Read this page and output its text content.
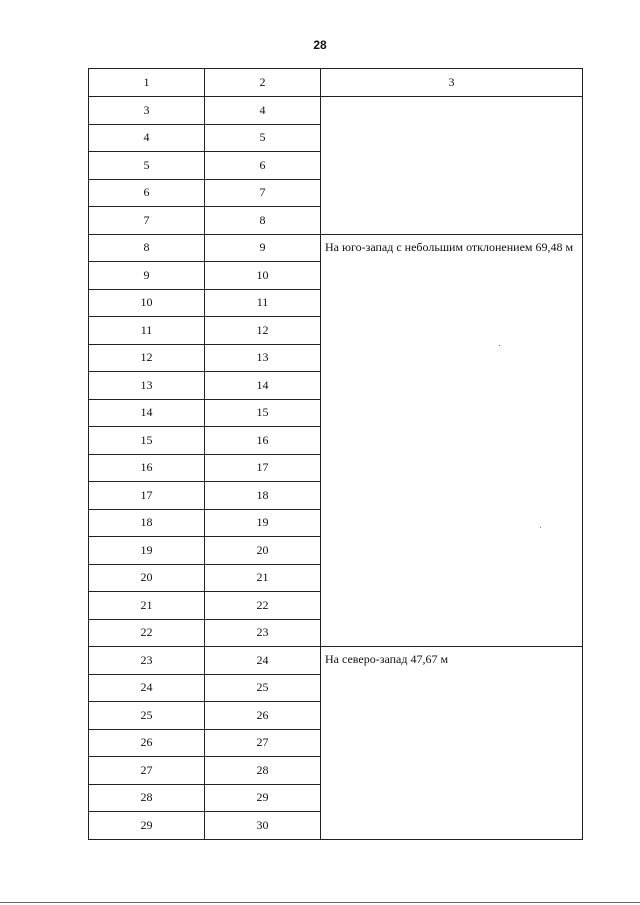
28
1	2	3
3	4	
4	5	
5	6	
6	7	
7	8	
8	9	На юго-запад с небольшим отклонением 69,48 м
9	10	
10	11	
11	12	
12	13	
13	14	
14	15	
15	16	
16	17	
17	18	
18	19	
19	20	
20	21	
21	22	
22	23	
23	24	На северо-запад 47,67 м
24	25	
25	26	
26	27	
27	28	
28	29	
29	30	
